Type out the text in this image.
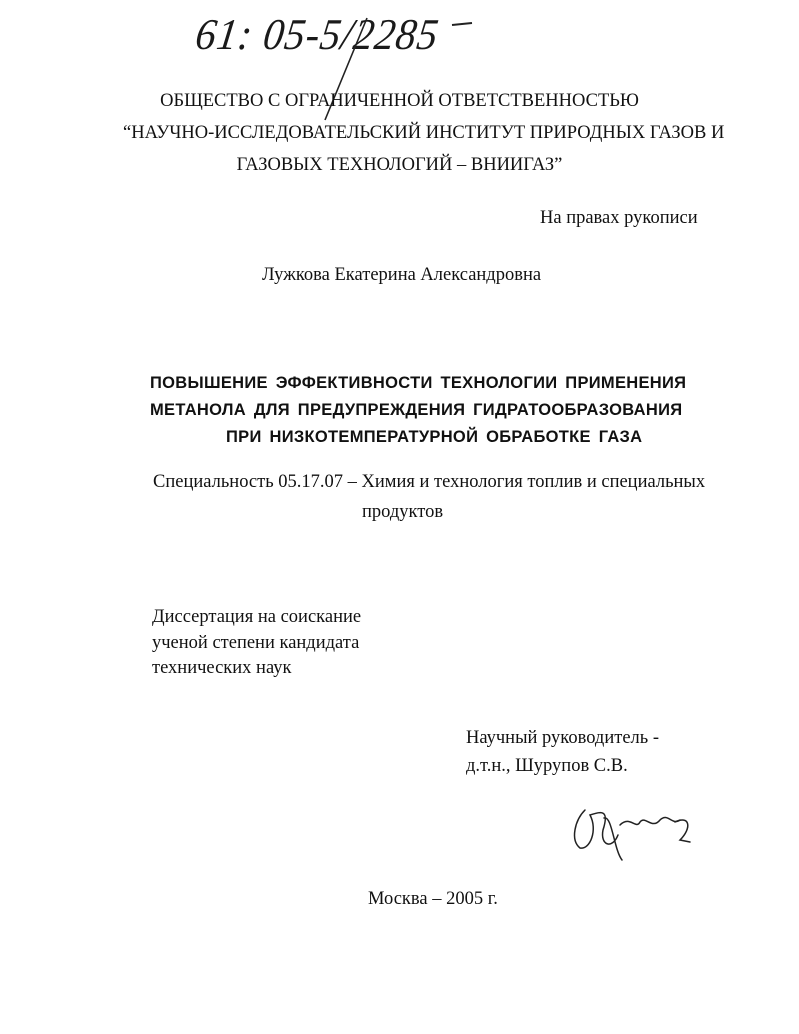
61: 05-5/2285
ОБЩЕСТВО С ОГРАНИЧЕННОЙ ОТВЕТСТВЕННОСТЬЮ
“НАУЧНО-ИССЛЕДОВАТЕЛЬСКИЙ ИНСТИТУТ ПРИРОДНЫХ ГАЗОВ И
ГАЗОВЫХ ТЕХНОЛОГИЙ – ВНИИГАЗ”
На правах рукописи
Лужкова Екатерина Александровна
ПОВЫШЕНИЕ ЭФФЕКТИВНОСТИ ТЕХНОЛОГИИ ПРИМЕНЕНИЯ
МЕТАНОЛА ДЛЯ ПРЕДУПРЕЖДЕНИЯ ГИДРАТООБРАЗОВАНИЯ
ПРИ НИЗКОТЕМПЕРАТУРНОЙ ОБРАБОТКЕ ГАЗА
Специальность 05.17.07 – Химия и технология топлив и специальных
продуктов
Диссертация на соискание
ученой степени кандидата
технических наук
Научный руководитель -
д.т.н., Шурупов С.В.
Москва – 2005 г.
